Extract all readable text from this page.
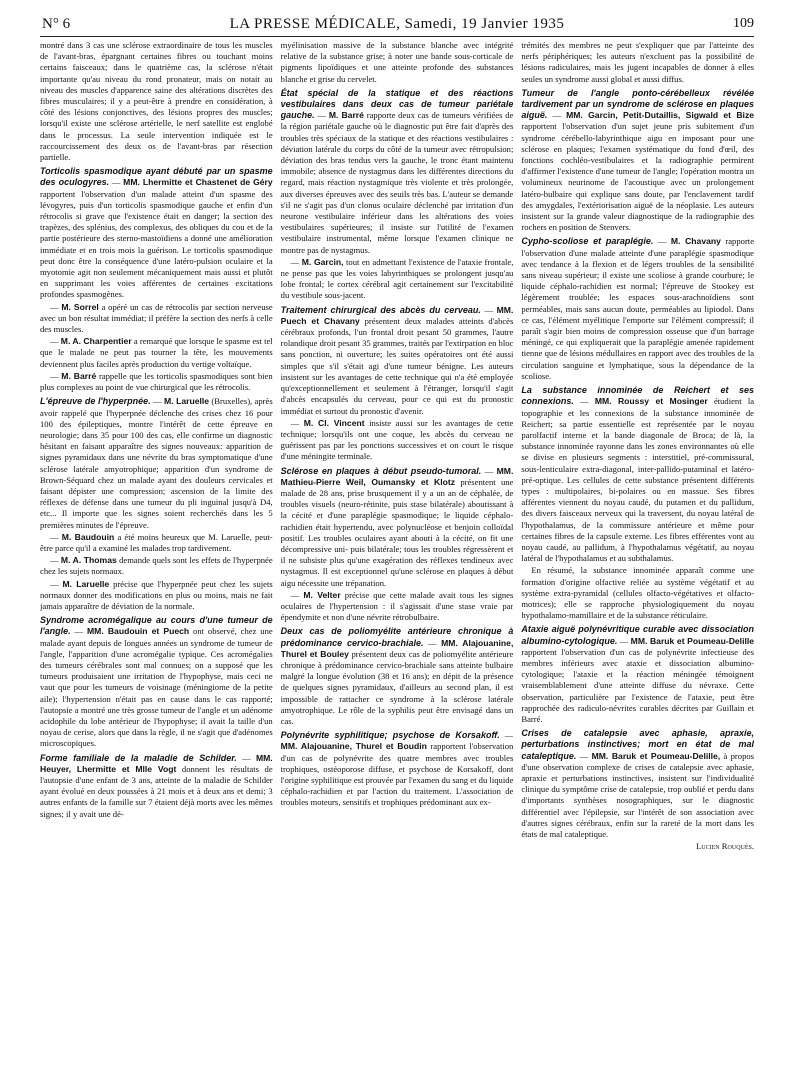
N° 6	LA PRESSE MÉDICALE, Samedi, 19 Janvier 1935	109

montré dans 3 cas une sclérose extraordinaire de tous les muscles de l'avant-bras, épargnant certaines fibres ou touchant moins certains faisceaux; dans le quatrième cas, la sclérose n'était importante qu'au niveau du rond pronateur, mais on notait au niveau des muscles d'apparence saine des altérations discrètes des fibres musculaires; il y a peut-être à prendre en considération, à côté des lésions conjonctives, des lésions propres des muscles; lorsqu'il existe une sclérose artérielle, le nerf satellite est englobé dans le processus. La seule intervention indiquée est le raccourcissement des deux os de l'avant-bras par résection partielle.

Torticolis spasmodique ayant débuté par un spasme des oculogyres. — MM. Lhermitte et Chastenet de Géry rapportent l'observation d'un malade atteint d'un spasme des lévogyres, puis d'un torticolis spasmodique gauche et enfin d'un rétrocolis si grave que l'existence était en danger; la section des trapèzes, des splénius, des complexus, des obliques du cou et de la partie postérieure des sterno-mastoïdiens a donné une amélioration immédiate et en trois mois la guérison. Le torticolis spasmodique peut donc être la conséquence d'une latéro-pulsion oculaire et la myotomie agit non seulement mécaniquement mais aussi et plutôt en supprimant les voies afférentes de certaines excitations profondes spasmogènes.

— M. Sorrel a opéré un cas de rétrocolis par section nerveuse avec un bon résultat immédiat; il préfère la section des nerfs à celle des muscles.

— M. A. Charpentier a remarqué que lorsque le spasme est tel que le malade ne peut pas tourner la tête, les mouvements deviennent plus faciles après production du vertige voltaïque.

— M. Barré rappelle que les torticolis spasmodiques sont bien plus complexes au point de vue chirurgical que les rétrocolis.

L'épreuve de l'hyperpnée. — M. Laruelle (Bruxelles), après avoir rappelé que l'hyperpnée déclenche des crises chez 16 pour 100 des épileptiques, montre l'intérêt de cette épreuve en neurologie; dans 35 pour 100 des cas, elle confirme un diagnostic hésitant en faisant apparaître des signes nouveaux: apparition de signes pyramidaux dans une névrite du bras symptomatique d'une sclérose latérale amyotrophique; apparition d'un syndrome de Brown-Séquard chez un malade ayant des douleurs cervicales et faisant dépister une compression; ascension de la limite des réflexes de défense dans une tumeur du pli inguinal jusqu'à D4, etc... Il importe que les signes soient recherchés dans les 5 premières minutes de l'épreuve.

— M. Baudouin a été moins heureux que M. Laruelle, peut-être parce qu'il a examiné les malades trop tardivement.

— M. A. Thomas demande quels sont les effets de l'hyperpnée chez les sujets normaux.

— M. Laruelle précise que l'hyperpnée peut chez les sujets normaux donner des modifications en plus ou moins, mais ne fait jamais apparaître de déviation de la normale.

Syndrome acromégalique au cours d'une tumeur de l'angle. — MM. Baudouin et Puech ont observé, chez une malade ayant depuis de longues années un syndrome de tumeur de l'angle, l'apparition d'une acromégalie typique. Ces acromégalies des tumeurs cérébrales sont mal connues; on a supposé que les tumeurs produisaient une irritation de l'hypophyse, mais ceci ne vaut que pour les tumeurs de voisinage (méningiome de la petite aile); l'hypertension n'était pas en cause dans le cas rapporté; l'autopsie a montré une très grosse tumeur de l'angle et un adénome acidophile du lobe antérieur de l'hypophyse; il avait la taille d'un noyau de cerise, alors que dans la règle, il ne s'agit que d'adénomes microscopiques.

Forme familiale de la maladie de Schilder. — MM. Heuyer, Lhermitte et Mlle Vogt donnent les résultats de l'autopsie d'une enfant de 3 ans, atteinte de la maladie de Schilder ayant évolué en deux poussées à 21 mois et à deux ans et demi; 3 autres enfants de la famille sur 7 étaient déjà morts avec les mêmes signes; il y avait une dé-

myélinisation massive de la substance blanche avec intégrité relative de la substance grise; à noter une bande sous-corticale de pigments lipoïdiques et une atteinte profonde des substances blanche et grise du cervelet.

État spécial de la statique et des réactions vestibulaires dans deux cas de tumeur pariétale gauche. — M. Barré rapporte deux cas de tumeurs vérifiées de la région pariétale gauche où le diagnostic put être fait d'après des troubles très spéciaux de la statique et des réactions vestibulaires : déviation latérale du corps du côté de la tumeur avec rétropulsion; déviation des bras tendus vers la gauche, le tronc étant maintenu immobile; absence de nystagmus dans les différentes directions du regard, mais réaction nystagmique très violente et très prolongée, aux diverses épreuves avec des seuils très bas. L'auteur se demande s'il ne s'agit pas d'un clonus oculaire déclenché par irritation d'un neurone vestibulaire inférieur dans les altérations des voies vestibulaires supérieures; il insiste sur l'utilité de l'examen vestibulaire instrumental, même lorsque l'examen clinique ne montre pas de nystagmus.

— M. Garcin, tout en admettant l'existence de l'ataxie frontale, ne pense pas que les voies labyrinthiques se prolongent jusqu'au lobe frontal; le cortex cérébral agit certainement sur l'excitabilité du vestibule sous-jacent.

Traitement chirurgical des abcès du cerveau. — MM. Puech et Chavany présentent deux malades atteints d'abcès cérébraux profonds, l'un frontal droit pesant 50 grammes, l'autre rolandique droit pesant 35 grammes, traités par l'extirpation en bloc sans ponction, ni ouverture; les suites opératoires ont été aussi simples que s'il s'était agi d'une tumeur bénigne. Les auteurs insistent sur les avantages de cette technique qui n'a été employée qu'exceptionnellement et seulement à l'étranger, lorsqu'il s'agit d'abcès encapsulés du cerveau, pour ce qui est du pronostic immédiat et surtout du pronostic d'avenir.

— M. Cl. Vincent insiste aussi sur les avantages de cette technique; lorsqu'ils ont une coque, les abcès du cerveau ne guérissent pas par les ponctions successives et on court le risque d'une méningite terminale.

Sclérose en plaques à début pseudo-tumoral. — MM. Mathieu-Pierre Weil, Oumansky et Klotz présentent une malade de 28 ans, prise brusquement il y a un an de céphalée, de troubles visuels (neuro-rétinite, puis stase bilatérale) aboutissant à la cécité et d'une paraplégie spasmodique; le liquide céphalo-rachidien était hypertendu, avec polynucléose et benjoin colloïdal positif. Les troubles oculaires ayant abouti à la cécité, on fit une décompressive uni- puis bilatérale; tous les troubles régressèrent et il ne subsiste plus qu'une exagération des réflexes tendineux avec nystagmus. Il est exceptionnel qu'une sclérose en plaques à début aigu nécessite une trépanation.

— M. Velter précise que cette malade avait tous les signes oculaires de l'hypertension : il s'agissait d'une stase vraie par épendymite et non d'une névrite rétrobulbaire.

Deux cas de poliomyélite antérieure chronique à prédominance cervico-brachiale. — MM. Alajouanine, Thurel et Bouley présentent deux cas de poliomyélite antérieure chronique à prédominance cervico-brachiale sans atteinte bulbaire malgré la longue évolution (38 et 16 ans); en dépit de la présence de quelques signes pyramidaux, d'ailleurs au second plan, il est impossible de rattacher ce syndrome à la sclérose latérale amyotrophique. Le rôle de la syphilis peut être envisagé dans un cas.

Polynévrite syphilitique; psychose de Korsakoff. — MM. Alajouanine, Thurel et Boudin rapportent l'observation d'un cas de polynévrite des quatre membres avec troubles trophiques, ostéoporose diffuse, et psychose de Korsakoff, dont l'origine syphilitique est prouvée par l'examen du sang et du liquide céphalo-rachidien et par l'action du traitement. L'association de troubles moteurs, sensitifs et trophiques prédominant aux ex-

trémités des membres ne peut s'expliquer que par l'atteinte des nerfs périphériques; les auteurs n'excluent pas la possibilité de lésions radiculaires, mais les jugent incapables de donner à elles seules un syndrome aussi global et aussi diffus.

Tumeur de l'angle ponto-cérébelleux révélée tardivement par un syndrome de sclérose en plaques aiguë. — MM. Garcin, Petit-Dutaillis, Sigwald et Bize rapportent l'observation d'un sujet jeune pris subitement d'un syndrome cérébello-labyrinthique aigu en imposant pour une sclérose en plaques; l'examen systématique du fond d'œil, des fonctions cochléo-vestibulaires et la radiographie permirent d'affirmer l'existence d'une tumeur de l'angle; l'opération montra un volumineux neurinome de l'acoustique avec un prolongement latéro-bulbaire qui explique sans doute, par l'enclavement tardif des amygdales, l'extériorisation aiguë de la néoplasie. Les auteurs insistent sur la grande valeur diagnostique de la radiographie des rochers en position de Stenvers.

Cypho-scoliose et paraplégie. — M. Chavany rapporte l'observation d'une malade atteinte d'une paraplégie spasmodique avec tendance à la flexion et de légers troubles de la sensibilité sans niveau supérieur; il existe une scoliose à grande courbure; le liquide céphalo-rachidien est normal; l'épreuve de Stookey est légèrement troublée; les espaces sous-arachnoïdiens sont perméables, mais sans aucun doute, perméables au lipiodol. Dans ce cas, l'élément myélitique l'emporte sur l'élément compressif; il paraît s'agir bien moins de compression osseuse que d'un barrage méningé, ce qui expliquerait que la paraplégie amenée rapidement tienne que de lésions médullaires en rapport avec des troubles de la circulation sanguine et lymphatique, sous la dépendance de la scoliose.

La substance innominée de Reichert et ses connexions. — MM. Roussy et Mosinger étudient la topographie et les connexions de la substance innominée de Reichert; sa partie essentielle est représentée par le noyau parolfactif interne et la bande diagonale de Broca; de là, la substance innominée rayonne dans les zones environnantes où elle se divise en plusieurs segments : interstitiel, pré-commissural, sous-lenticulaire extra-diagonal, inter-pallido-putaminal et latéro-pré-optique. Les cellules de cette substance présentent différents types : multipolaires, bi-polaires ou en massue. Ses fibres afférentes viennent du noyau caudé, du putamen et du pallidum, des divers faisceaux nerveux qui la traversent, du noyau latéral de l'hypothalamus, de la commissure antérieure et même pour certaines fibres de la capsule externe. Les fibres efférentes vont au noyau caudé, au pallidum, à l'hypothalamus végétatif, au noyau latéral de l'hypothalamus et au subthalamus.

En résumé, la substance innominée apparaît comme une formation d'origine olfactive reliée au système végétatif et au système extra-pyramidal (cellules olfacto-végétatives et olfacto-motrices); elle se rapproche physiologiquement du noyau hypothalamo-mamillaire et de la substance réticulaire.

Ataxie aiguë polynévritique curable avec dissociation albumino-cytologique. — MM. Baruk et Poumeau-Delille rapportent l'observation d'un cas de polynévrite infectieuse des membres inférieurs avec ataxie et dissociation albumino-cytologique; l'ataxie et la réaction méningée témoignent vraisemblablement d'une atteinte diffuse du névraxe. Cette observation, particulière par l'existence de l'ataxie, peut être rapprochée des radiculo-névrites curables décrites par Guillain et Barré.

Crises de catalepsie avec aphasie, apraxie, perturbations instinctives; mort en état de mal cataleptique. — MM. Baruk et Poumeau-Delille, à propos d'une observation complexe de crises de catalepsie avec aphasie, apraxie et perturbations instinctives, insistent sur l'individualité clinique du symptôme crise de catalepsie, trop oublié et perdu dans d'importants synthèses nosographiques, sur le diagnostic différentiel avec l'épilepsie, sur l'intérêt de son association avec d'autres signes cérébraux, enfin sur la rareté de la mort dans les états de mal cataleptique.

Lucien Rouquès.
